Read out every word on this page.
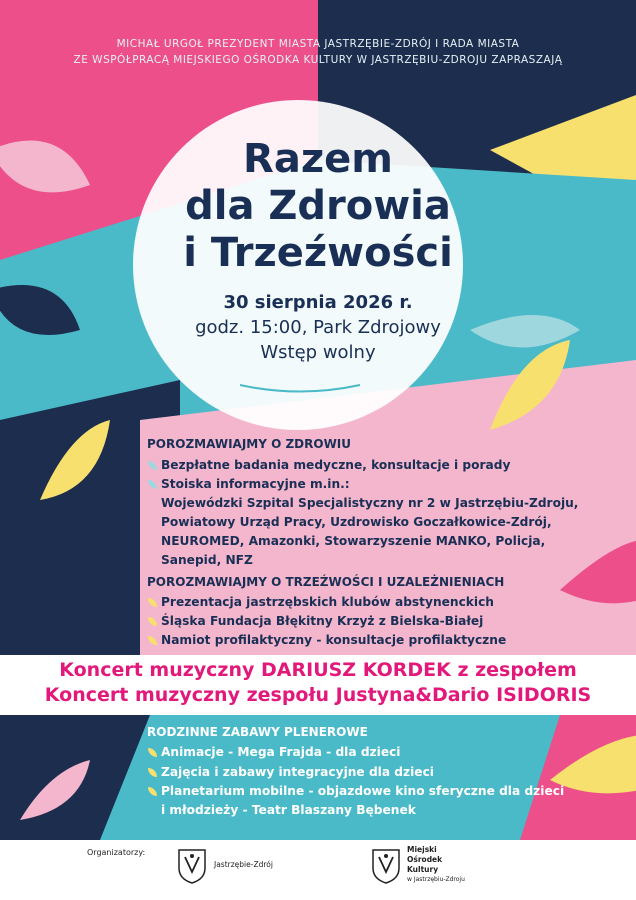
MICHAŁ URGOŁ PREZYDENT MIASTA JASTRZĘBIE-ZDRÓJ I RADA MIASTA
ZE WSPÓŁPRACĄ MIEJSKIEGO OŚRODKA KULTURY W JASTRZĘBIU-ZDROJU ZAPRASZAJĄ
Razem
dla Zdrowia
i Trzeźwości
30 sierpnia 2026 r.
godz. 15:00, Park Zdrojowy
Wstęp wolny
POROZMAWIAJMY O ZDROWIU
Bezpłatne badania medyczne, konsultacje i porady
Stoiska informacyjne m.in.:
Wojewódzki Szpital Specjalistyczny nr 2 w Jastrzębiu-Zdroju,
Powiatowy Urząd Pracy, Uzdrowisko Goczałkowice-Zdrój,
NEUROMED, Amazonki, Stowarzyszenie MANKO, Policja,
Sanepid, NFZ
POROZMAWIAJMY O TRZEŹWOŚCI I UZALEŻNIENIACH
Prezentacja jastrzębskich klubów abstynenckich
Śląska Fundacja Błękitny Krzyż z Bielska-Białej
Namiot profilaktyczny - konsultacje profilaktyczne
Koncert muzyczny DARIUSZ KORDEK z zespołem
Koncert muzyczny zespołu Justyna&Dario ISIDORIS
RODZINNE ZABAWY PLENEROWE
Animacje - Mega Frajda - dla dzieci
Zajęcia i zabawy integracyjne dla dzieci
Planetarium mobilne - objazdowe kino sferyczne dla dzieci
i młodzieży - Teatr Blaszany Bębenek
Organizatorzy:
Jastrzębie-Zdrój
Miejski
Ośrodek
Kultury
w Jastrzębiu-Zdroju
